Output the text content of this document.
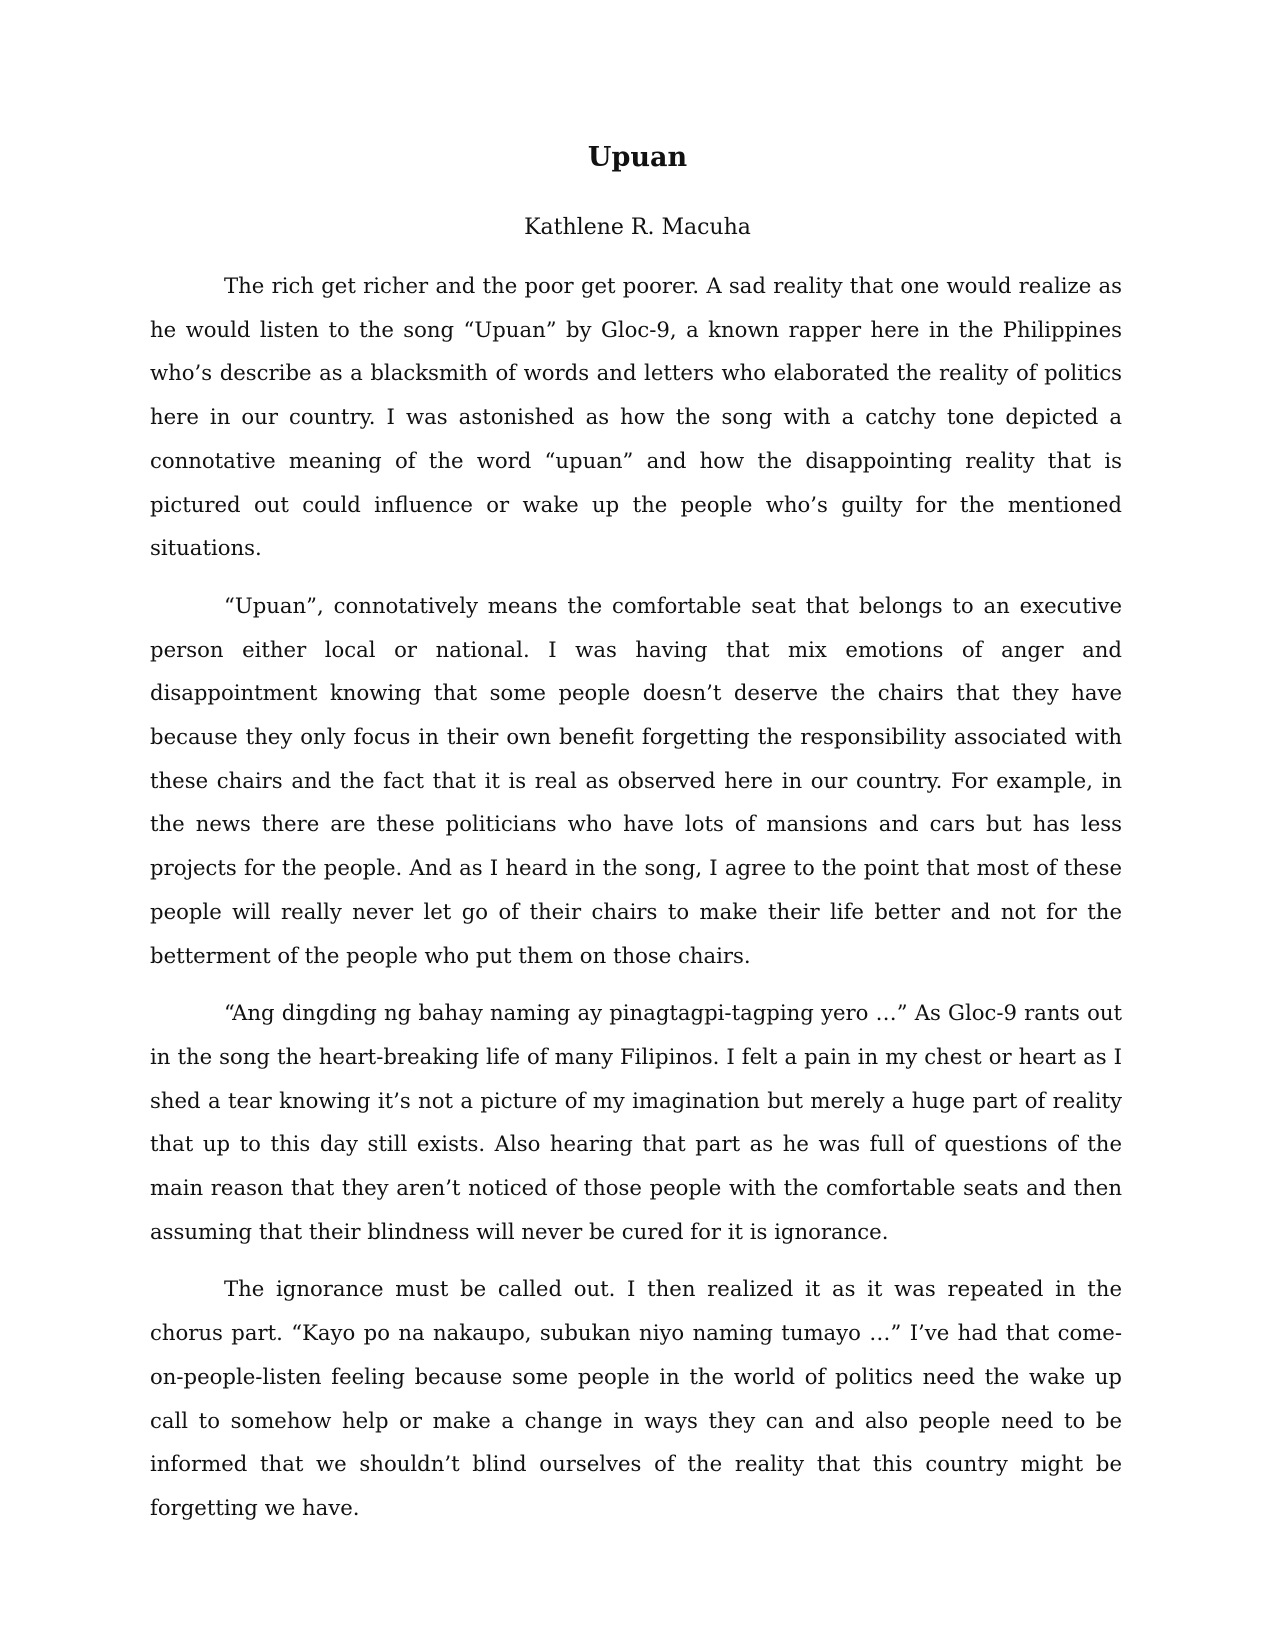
Upuan

Kathlene R. Macuha

The rich get richer and the poor get poorer. A sad reality that one would realize as he would listen to the song “Upuan” by Gloc-9, a known rapper here in the Philippines who’s describe as a blacksmith of words and letters who elaborated the reality of politics here in our country. I was astonished as how the song with a catchy tone depicted a connotative meaning of the word “upuan” and how the disappointing reality that is pictured out could influence or wake up the people who’s guilty for the mentioned situations.

“Upuan”, connotatively means the comfortable seat that belongs to an executive person either local or national. I was having that mix emotions of anger and disappointment knowing that some people doesn’t deserve the chairs that they have because they only focus in their own benefit forgetting the responsibility associated with these chairs and the fact that it is real as observed here in our country. For example, in the news there are these politicians who have lots of mansions and cars but has less projects for the people. And as I heard in the song, I agree to the point that most of these people will really never let go of their chairs to make their life better and not for the betterment of the people who put them on those chairs.

“Ang dingding ng bahay naming ay pinagtagpi-tagping yero …” As Gloc-9 rants out in the song the heart-breaking life of many Filipinos. I felt a pain in my chest or heart as I shed a tear knowing it’s not a picture of my imagination but merely a huge part of reality that up to this day still exists. Also hearing that part as he was full of questions of the main reason that they aren’t noticed of those people with the comfortable seats and then assuming that their blindness will never be cured for it is ignorance.

The ignorance must be called out. I then realized it as it was repeated in the chorus part. “Kayo po na nakaupo, subukan niyo naming tumayo …” I’ve had that come-on-people-listen feeling because some people in the world of politics need the wake up call to somehow help or make a change in ways they can and also people need to be informed that we shouldn’t blind ourselves of the reality that this country might be forgetting we have.
